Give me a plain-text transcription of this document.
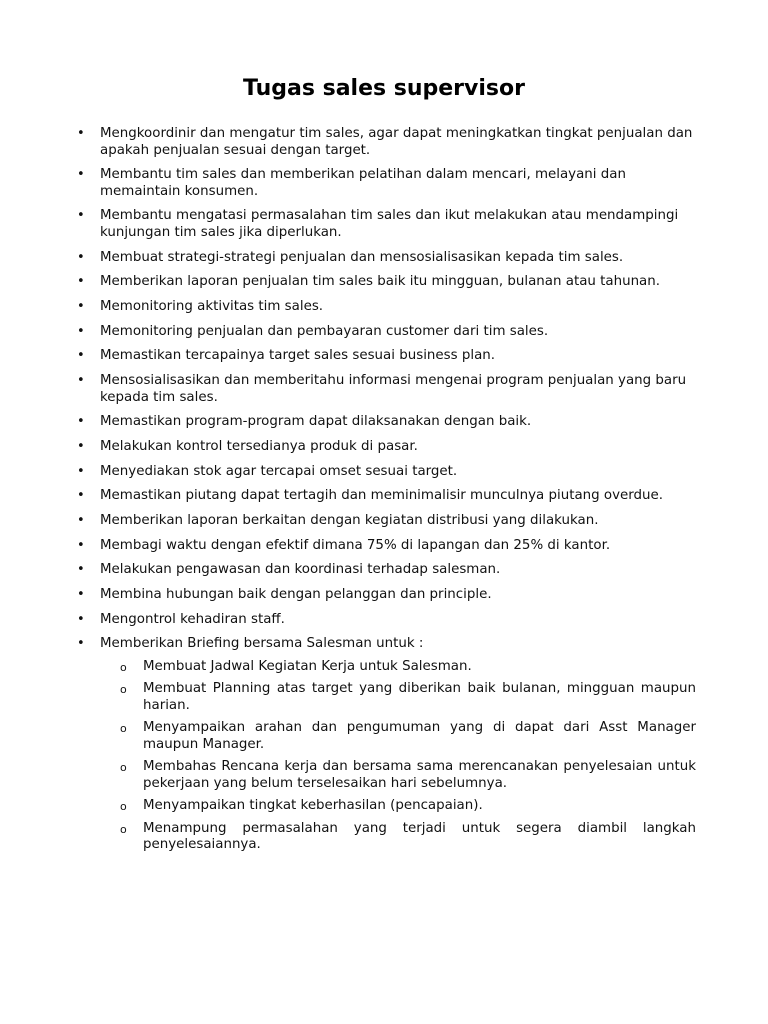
Tugas sales supervisor
• Mengkoordinir dan mengatur tim sales, agar dapat meningkatkan tingkat penjualan dan apakah penjualan sesuai dengan target.
• Membantu tim sales dan memberikan pelatihan dalam mencari, melayani dan memaintain konsumen.
• Membantu mengatasi permasalahan tim sales dan ikut melakukan atau mendampingi kunjungan tim sales jika diperlukan.
• Membuat strategi-strategi penjualan dan mensosialisasikan kepada tim sales.
• Memberikan laporan penjualan tim sales baik itu mingguan, bulanan atau tahunan.
• Memonitoring aktivitas tim sales.
• Memonitoring penjualan dan pembayaran customer dari tim sales.
• Memastikan tercapainya target sales sesuai business plan.
• Mensosialisasikan dan memberitahu informasi mengenai program penjualan yang baru kepada tim sales.
• Memastikan program-program dapat dilaksanakan dengan baik.
• Melakukan kontrol tersedianya produk di pasar.
• Menyediakan stok agar tercapai omset sesuai target.
• Memastikan piutang dapat tertagih dan meminimalisir munculnya piutang overdue.
• Memberikan laporan berkaitan dengan kegiatan distribusi yang dilakukan.
• Membagi waktu dengan efektif dimana 75% di lapangan dan 25% di kantor.
• Melakukan pengawasan dan koordinasi terhadap salesman.
• Membina hubungan baik dengan pelanggan dan principle.
• Mengontrol kehadiran staff.
• Memberikan Briefing bersama Salesman untuk :
o Membuat Jadwal Kegiatan Kerja untuk Salesman.
o Membuat Planning atas target yang diberikan baik bulanan, mingguan maupun harian.
o Menyampaikan arahan dan pengumuman yang di dapat dari Asst Manager maupun Manager.
o Membahas Rencana kerja dan bersama sama merencanakan penyelesaian untuk pekerjaan yang belum terselesaikan hari sebelumnya.
o Menyampaikan tingkat keberhasilan (pencapaian).
o Menampung permasalahan yang terjadi untuk segera diambil langkah penyelesaiannya.
